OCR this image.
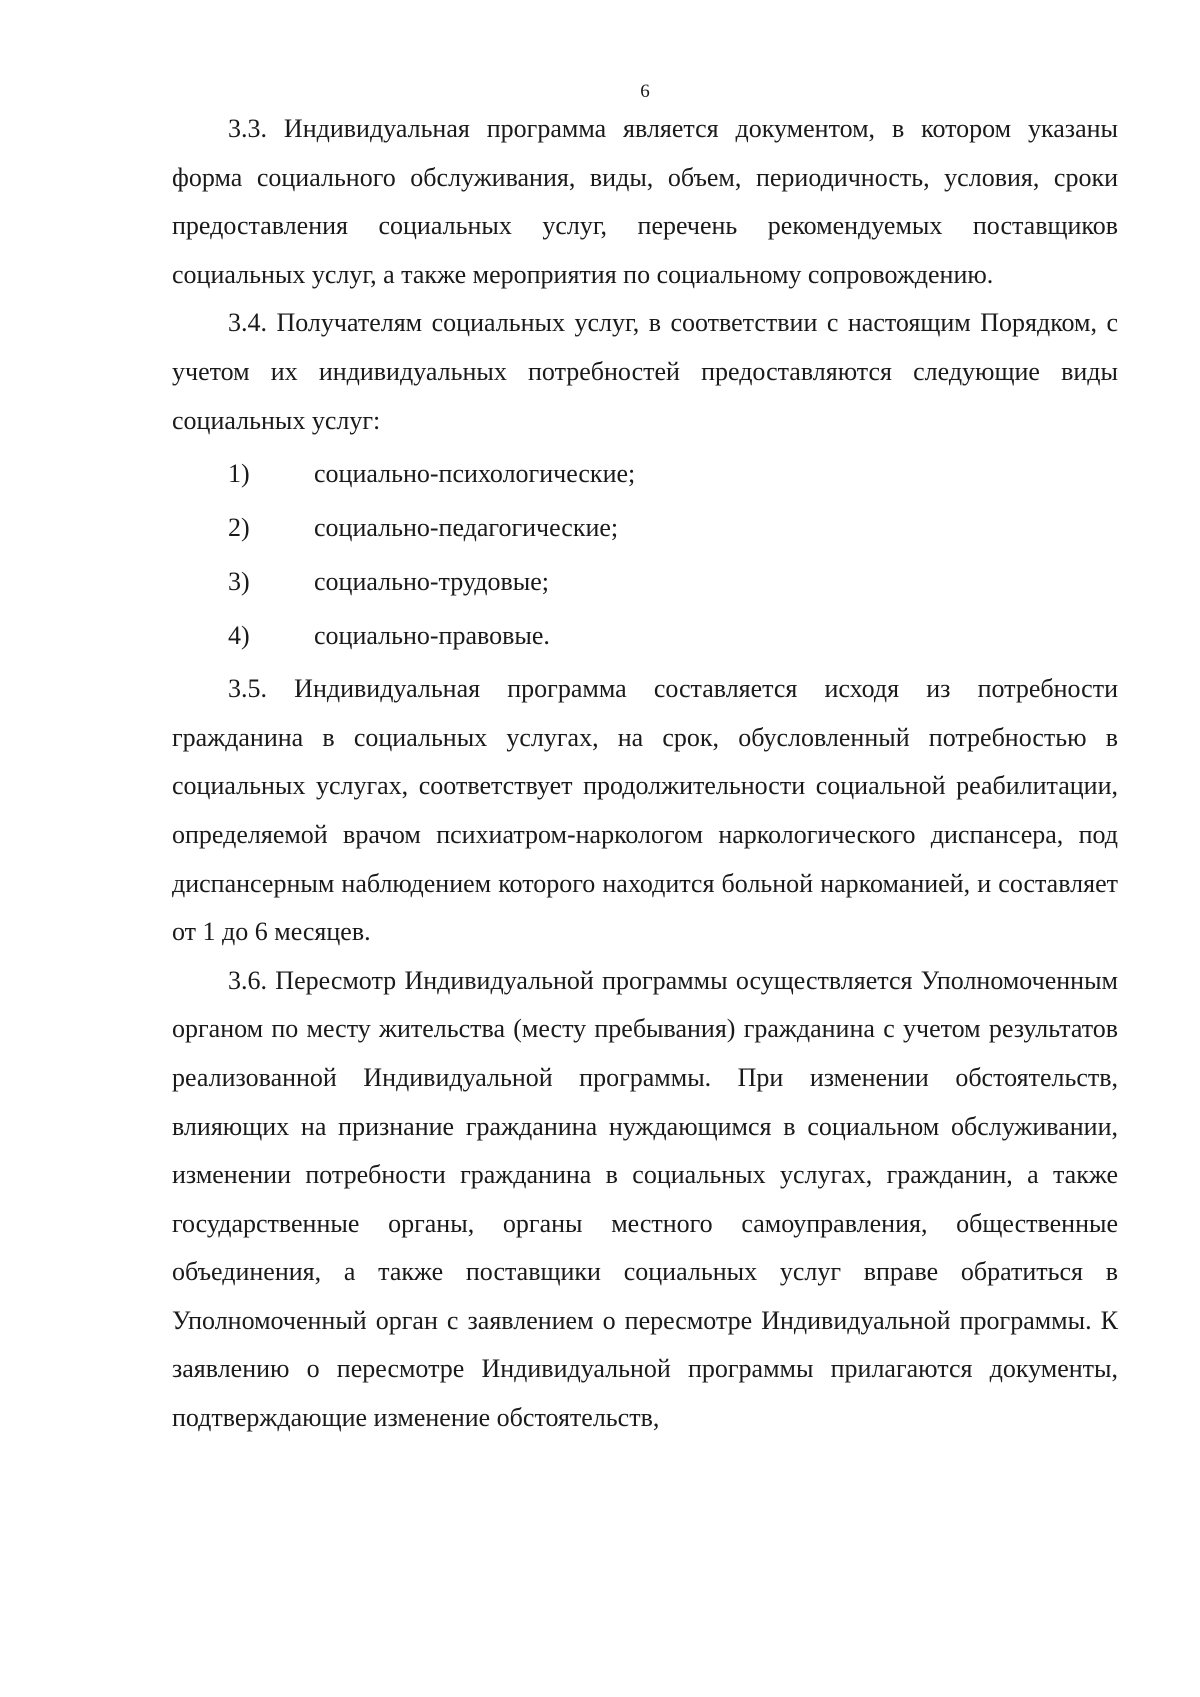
6

3.3. Индивидуальная программа является документом, в котором указаны форма социального обслуживания, виды, объем, периодичность, условия, сроки предоставления социальных услуг, перечень рекомендуемых поставщиков социальных услуг, а также мероприятия по социальному сопровождению.

3.4. Получателям социальных услуг, в соответствии с настоящим Порядком, с учетом их индивидуальных потребностей предоставляются следующие виды социальных услуг:

1)	социально-психологические;
2)	социально-педагогические;
3)	социально-трудовые;
4)	социально-правовые.

3.5. Индивидуальная программа составляется исходя из потребности гражданина в социальных услугах, на срок, обусловленный потребностью в социальных услугах, соответствует продолжительности социальной реабилитации, определяемой врачом психиатром-наркологом наркологического диспансера, под диспансерным наблюдением которого находится больной наркоманией, и составляет от 1 до 6 месяцев.

3.6. Пересмотр Индивидуальной программы осуществляется Уполномоченным органом по месту жительства (месту пребывания) гражданина с учетом результатов реализованной Индивидуальной программы. При изменении обстоятельств, влияющих на признание гражданина нуждающимся в социальном обслуживании, изменении потребности гражданина в социальных услугах, гражданин, а также государственные органы, органы местного самоуправления, общественные объединения, а также поставщики социальных услуг вправе обратиться в Уполномоченный орган с заявлением о пересмотре Индивидуальной программы. К заявлению о пересмотре Индивидуальной программы прилагаются документы, подтверждающие изменение обстоятельств,
